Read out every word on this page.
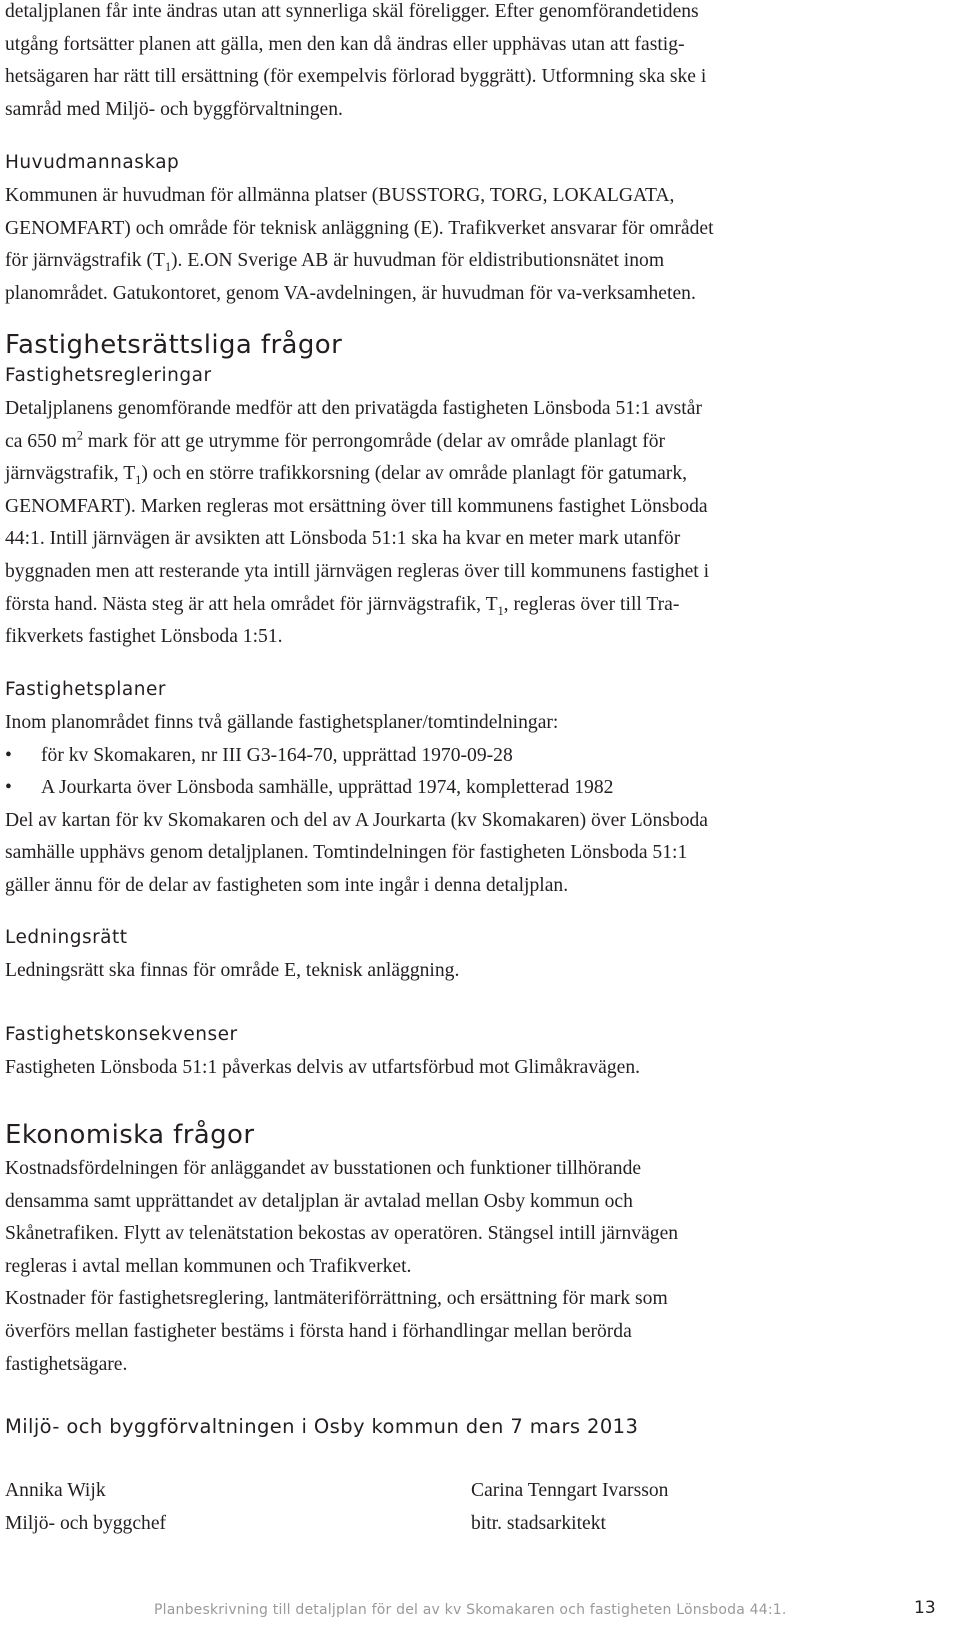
detaljplanen får inte ändras utan att synnerliga skäl föreligger. Efter genomförandetidens

utgång fortsätter planen att gälla, men den kan då ändras eller upphävas utan att fastig-

hetsägaren har rätt till ersättning (för exempelvis förlorad byggrätt). Utformning ska ske i

samråd med Miljö- och byggförvaltningen.

Huvudmannaskap

Kommunen är huvudman för allmänna platser (BUSSTORG, TORG, LOKALGATA,

GENOMFART) och område för teknisk anläggning (E). Trafikverket ansvarar för området

för järnvägstrafik $(T_1)$. E.ON Sverige AB är huvudman för eldistributionsnätet inom

planområdet. Gatukontoret, genom VA-avdelningen, är huvudman för va-verksamheten.

Fastighetsrättsliga frågor
Fastighetsregleringar

Detaljplanens genomförande medför att den privatägda fastigheten Lönsboda 51:1 avstår

ca 650 $m^2$ mark för att ge utrymme för perrongområde (delar av område planlagt för

järnvägstrafik, $T_1$) och en större trafikkorsning (delar av område planlagt för gatumark,

GENOMFART). Marken regleras mot ersättning över till kommunens fastighet Lönsboda

44:1. Intill järnvägen är avsikten att Lönsboda 51:1 ska ha kvar en meter mark utanför

byggnaden men att resterande yta intill järnvägen regleras över till kommunens fastighet i

första hand. Nästa steg är att hela området för järnvägstrafik, $T_1$, regleras över till Tra-

fikverkets fastighet Lönsboda 1:51.

Fastighetsplaner

Inom planområdet finns två gällande fastighetsplaner/tomtindelningar:

• för kv Skomakaren, nr III G3-164-70, upprättad 1970-09-28
• A Jourkarta över Lönsboda samhälle, upprättad 1974, kompletterad 1982

Del av kartan för kv Skomakaren och del av A Jourkarta (kv Skomakaren) över Lönsboda

samhälle upphävs genom detaljplanen. Tomtindelningen för fastigheten Lönsboda 51:1

gäller ännu för de delar av fastigheten som inte ingår i denna detaljplan.

Ledningsrätt

Ledningsrätt ska finnas för område E, teknisk anläggning.

Fastighetskonsekvenser

Fastigheten Lönsboda 51:1 påverkas delvis av utfartsförbud mot Glimåkravägen.

Ekonomiska frågor

Kostnadsfördelningen för anläggandet av busstationen och funktioner tillhörande

densamma samt upprättandet av detaljplan är avtalad mellan Osby kommun och

Skånetrafiken. Flytt av telenätstation bekostas av operatören. Stängsel intill järnvägen

regleras i avtal mellan kommunen och Trafikverket.

Kostnader för fastighetsreglering, lantmäteriförrättning, och ersättning för mark som

överförs mellan fastigheter bestäms i första hand i förhandlingar mellan berörda

fastighetsägare.

Miljö- och byggförvaltningen i Osby kommun den 7 mars 2013

Annika Wijk
Miljö- och byggchef
Carina Tenngart Ivarsson
bitr. stadsarkitekt
Planbeskrivning till detaljplan för del av kv Skomakaren och fastigheten Lönsboda 44:1.	13
